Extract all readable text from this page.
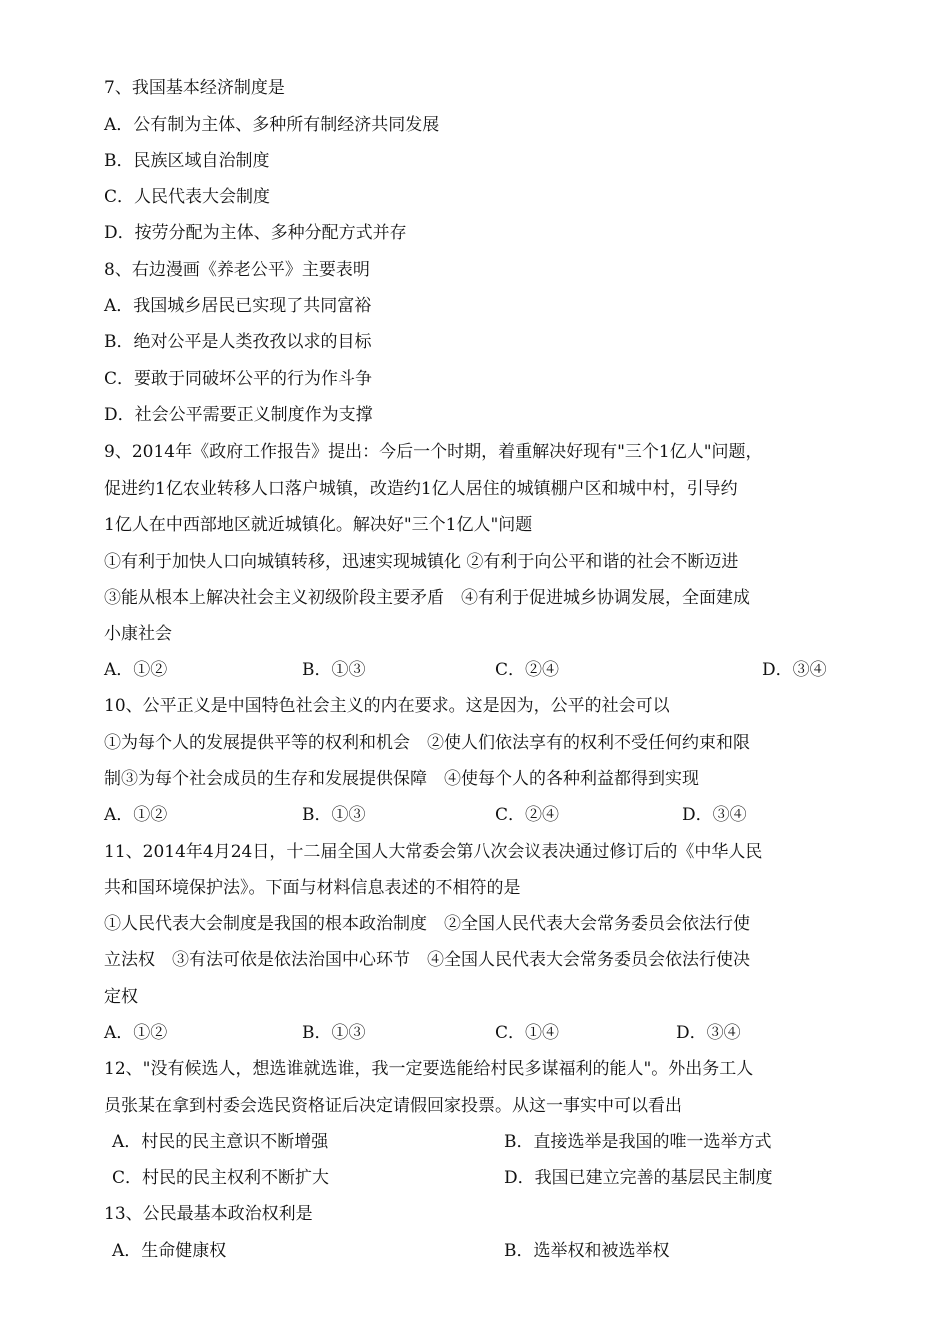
7、我国基本经济制度是
A．公有制为主体、多种所有制经济共同发展
B．民族区域自治制度
C．人民代表大会制度
D．按劳分配为主体、多种分配方式并存
8、右边漫画《养老公平》主要表明
A．我国城乡居民已实现了共同富裕
B．绝对公平是人类孜孜以求的目标
C．要敢于同破坏公平的行为作斗争
D．社会公平需要正义制度作为支撑
9、2014年《政府工作报告》提出：今后一个时期，着重解决好现有"三个1亿人"问题，
促进约1亿农业转移人口落户城镇，改造约1亿人居住的城镇棚户区和城中村，引导约
1亿人在中西部地区就近城镇化。解决好"三个1亿人"问题
①有利于加快人口向城镇转移，迅速实现城镇化 ②有利于向公平和谐的社会不断迈进
③能从根本上解决社会主义初级阶段主要矛盾　④有利于促进城乡协调发展，全面建成
小康社会
A．①②	B．①③	C．②④	D．③④
10、公平正义是中国特色社会主义的内在要求。这是因为，公平的社会可以
①为每个人的发展提供平等的权利和机会　②使人们依法享有的权利不受任何约束和限
制③为每个社会成员的生存和发展提供保障　④使每个人的各种利益都得到实现
A．①②	B．①③	C．②④	D．③④
11、2014年4月24日，十二届全国人大常委会第八次会议表决通过修订后的《中华人民
共和国环境保护法》。下面与材料信息表述的不相符的是
①人民代表大会制度是我国的根本政治制度　②全国人民代表大会常务委员会依法行使
立法权　③有法可依是依法治国中心环节　④全国人民代表大会常务委员会依法行使决
定权
A．①②	B．①③	C．①④	D．③④
12、"没有候选人，想选谁就选谁，我一定要选能给村民多谋福利的能人"。外出务工人
员张某在拿到村委会选民资格证后决定请假回家投票。从这一事实中可以看出
A．村民的民主意识不断增强	B．直接选举是我国的唯一选举方式
C．村民的民主权利不断扩大	D．我国已建立完善的基层民主制度
13、公民最基本政治权利是
A．生命健康权	B．选举权和被选举权
